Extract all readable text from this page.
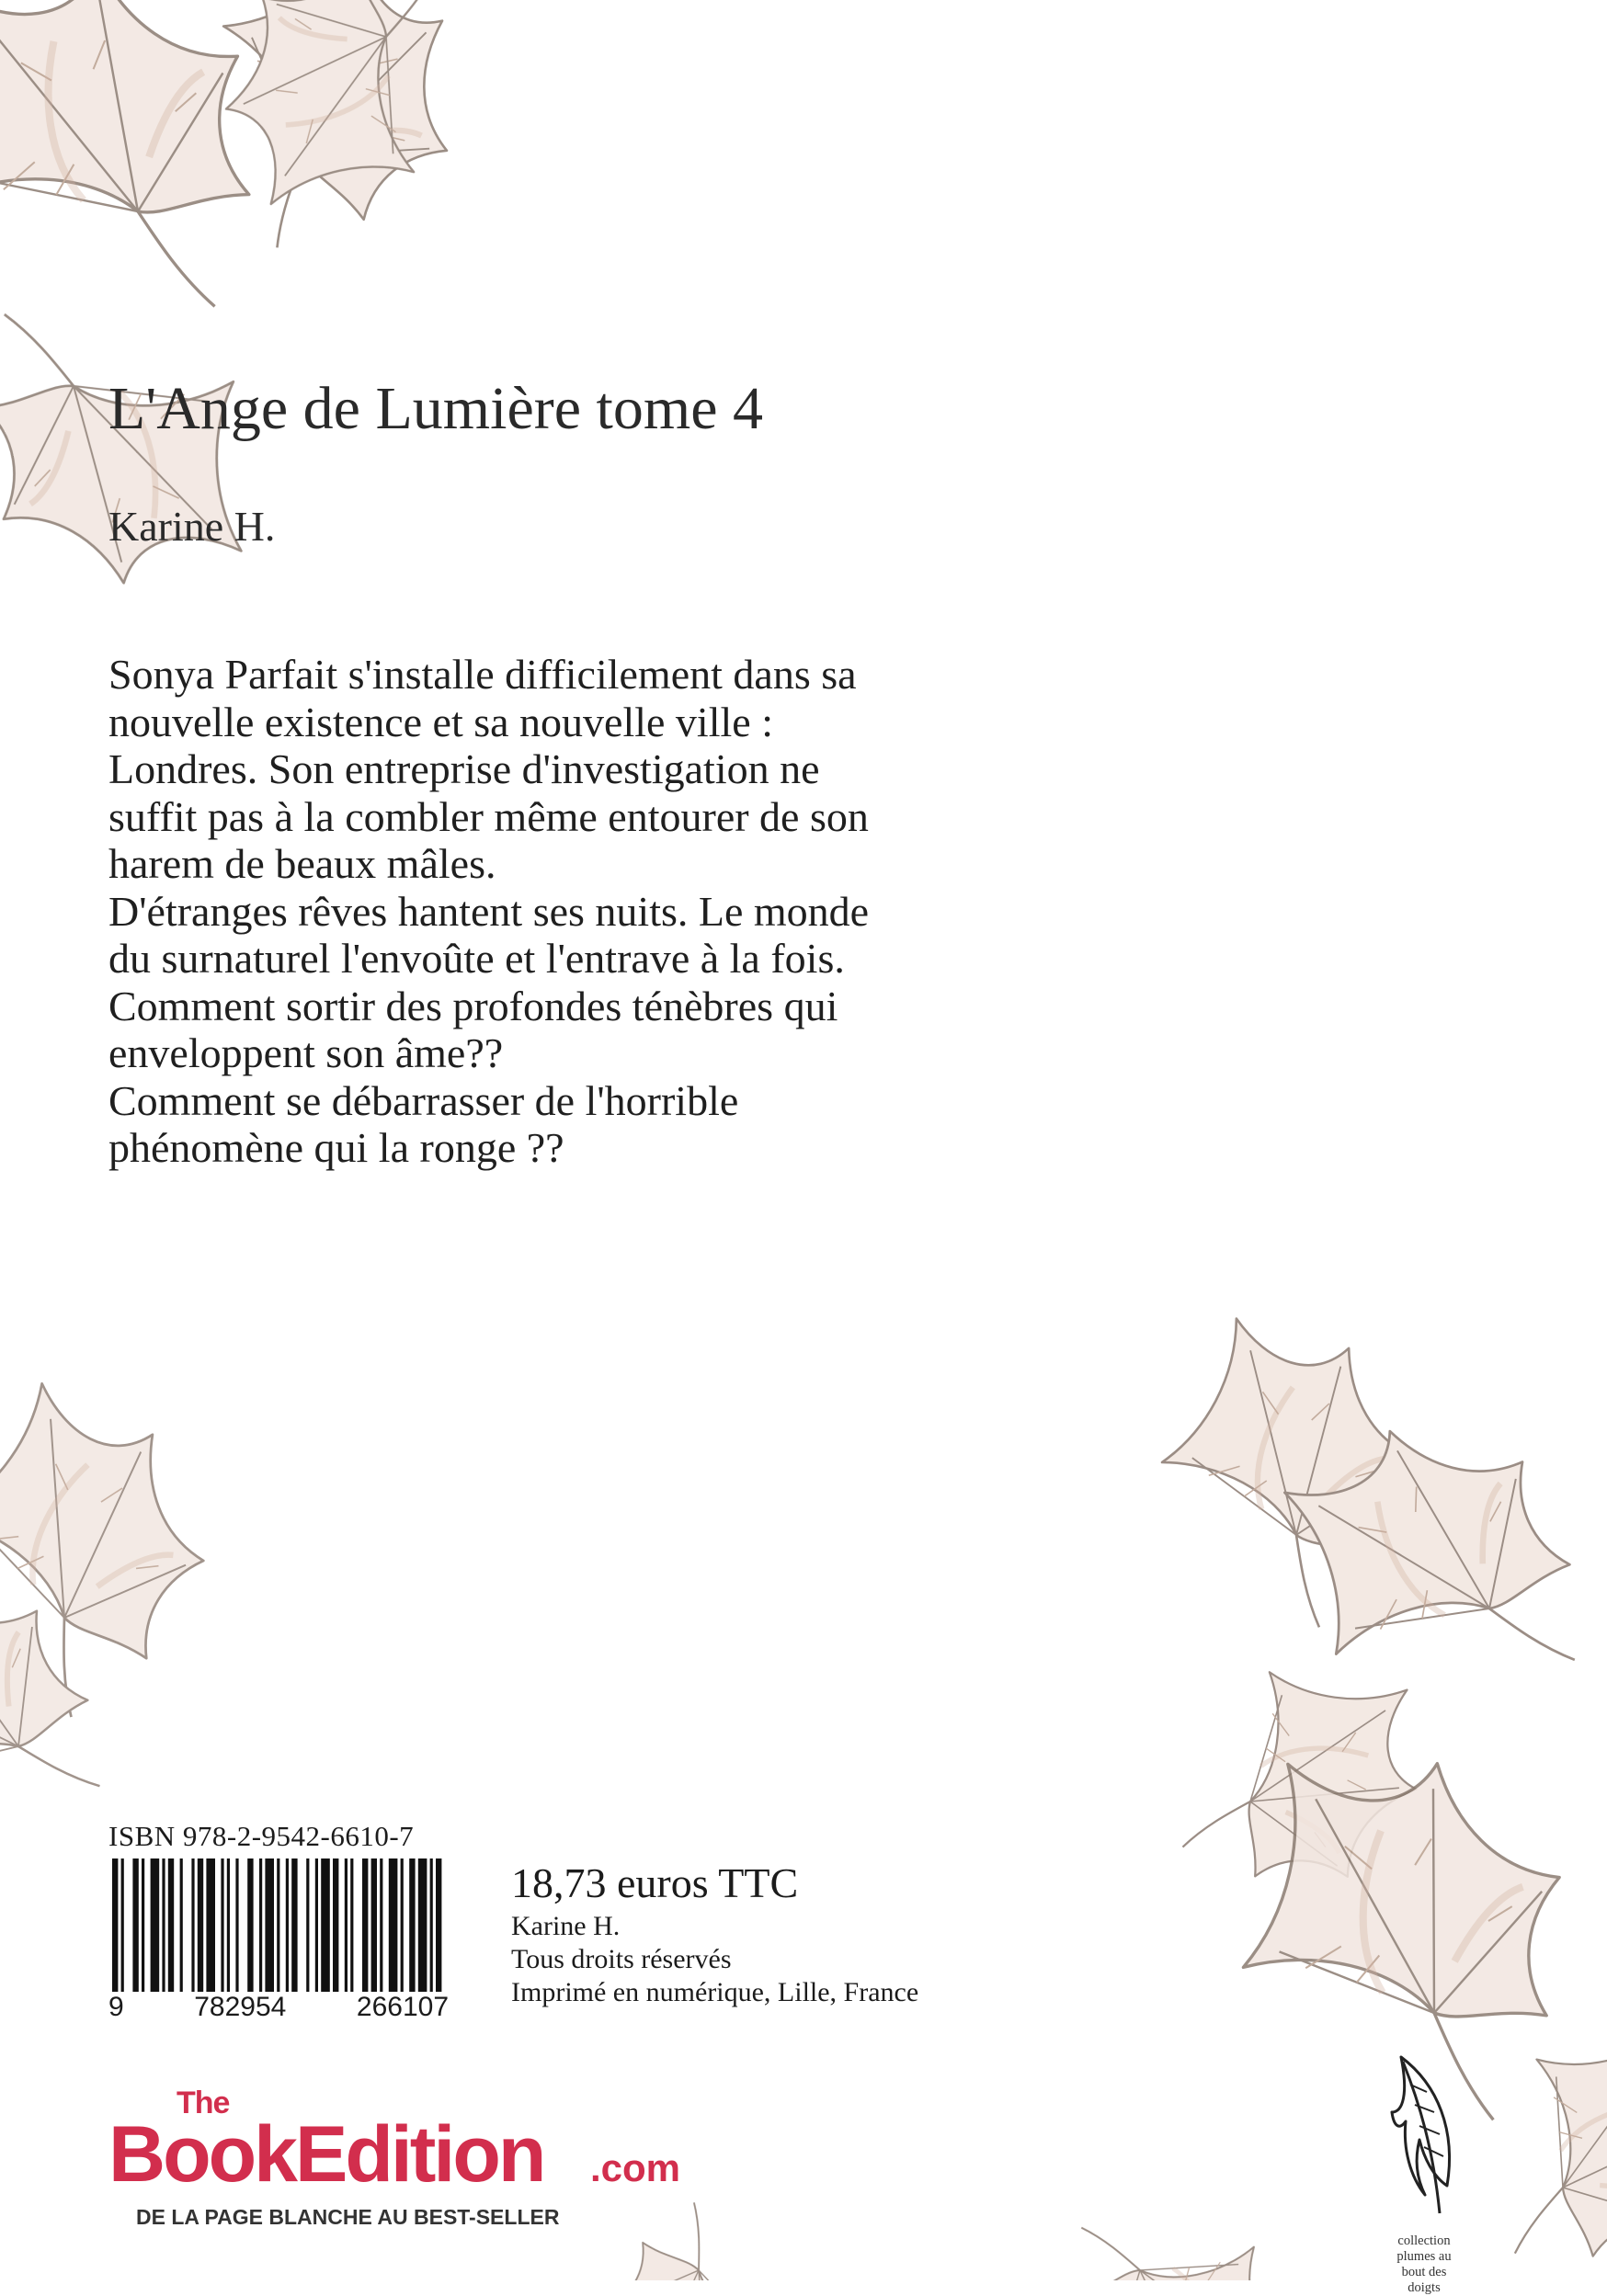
L'Ange de Lumière tome 4
Karine H.

Sonya Parfait s'installe difficilement dans sa

nouvelle existence et sa nouvelle ville :

Londres. Son entreprise d'investigation ne

suffit pas à la combler même entourer de son

harem de beaux mâles.

D'étranges rêves hantent ses nuits. Le monde

du surnaturel l'envoûte et l'entrave à la fois.

Comment sortir des profondes ténèbres qui

enveloppent son âme??

Comment se débarrasser de l'horrible

phénomène qui la ronge ??

ISBN 978-2-9542-6610-7
9	782954	266107
18,73 euros TTC
Karine H.
Tous droits réservés
Imprimé en numérique, Lille, France
The
BookEdition .com
DE LA PAGE BLANCHE AU BEST-SELLER
collection
plumes au
bout des
doigts
